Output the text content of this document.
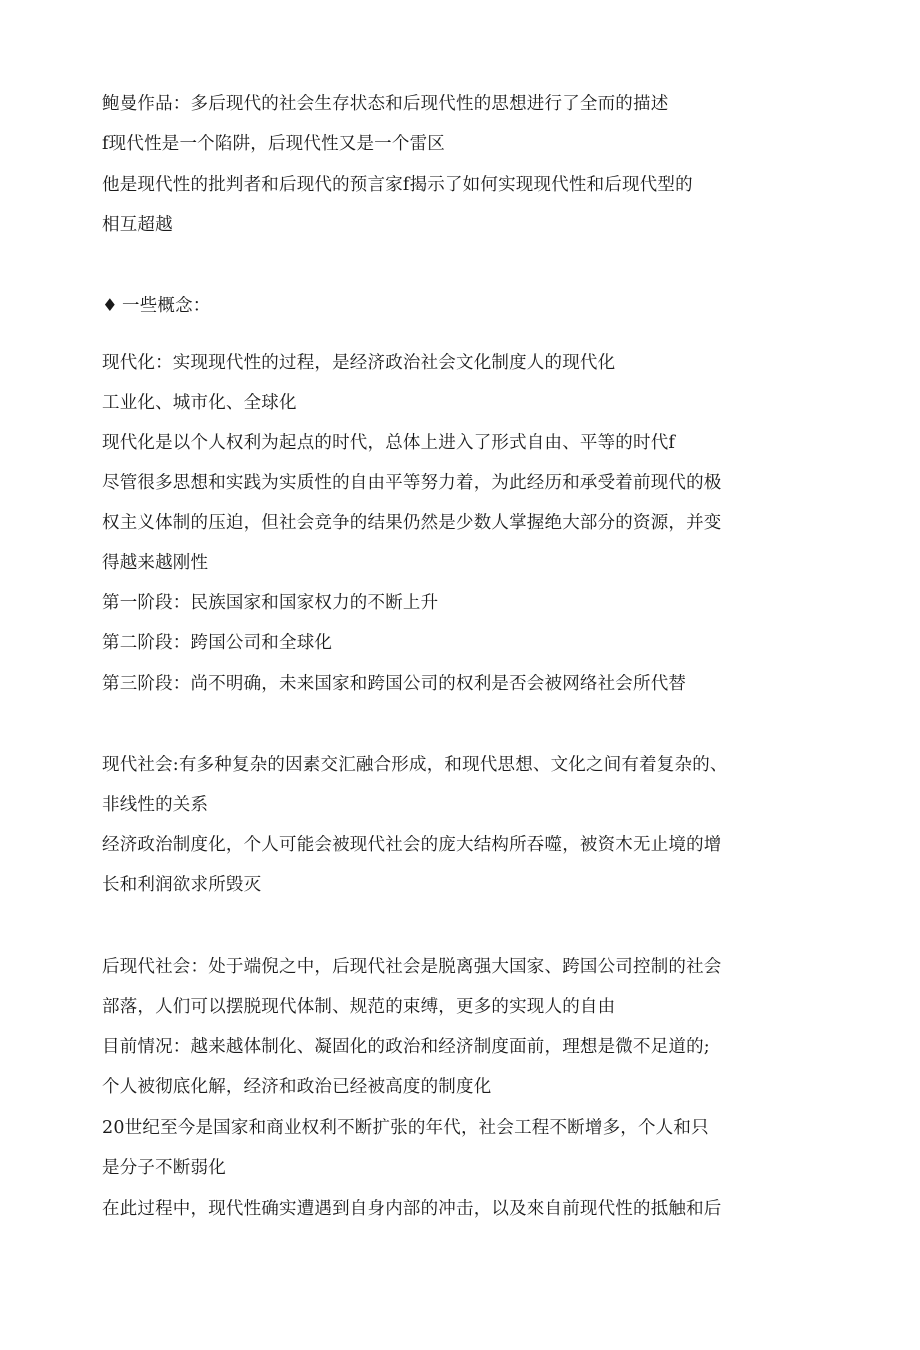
鲍曼作品：多后现代的社会生存状态和后现代性的思想进行了全而的描述
f现代性是一个陷阱，后现代性又是一个雷区
他是现代性的批判者和后现代的预言家f揭示了如何实现现代性和后现代型的
相互超越
♦ 一些概念：
现代化：实现现代性的过程，是经济政治社会文化制度人的现代化
工业化、城市化、全球化
现代化是以个人权利为起点的时代，总体上进入了形式自由、平等的时代f
尽管很多思想和实践为实质性的自由平等努力着，为此经历和承受着前现代的极
权主义体制的压迫，但社会竞争的结果仍然是少数人掌握绝大部分的资源，并变
得越来越刚性
第一阶段：民族国家和国家权力的不断上升
第二阶段：跨国公司和全球化
第三阶段：尚不明确，未来国家和跨国公司的权利是否会被网络社会所代替
现代社会:有多种复杂的因素交汇融合形成，和现代思想、文化之间有着复杂的、
非线性的关系
经济政治制度化，个人可能会被现代社会的庞大结构所吞噬，被资木无止境的增
长和利润欲求所毁灭
后现代社会：处于端倪之中，后现代社会是脱离强大国家、跨国公司控制的社会
部落，人们可以摆脱现代体制、规范的束缚，更多的实现人的自由
目前情况：越来越体制化、凝固化的政治和经济制度面前，理想是微不足道的;
个人被彻底化解，经济和政治已经被高度的制度化
20世纪至今是国家和商业权利不断扩张的年代，社会工程不断增多，个人和只
是分子不断弱化
在此过程中，现代性确实遭遇到自身内部的冲击，以及來自前现代性的抵触和后
